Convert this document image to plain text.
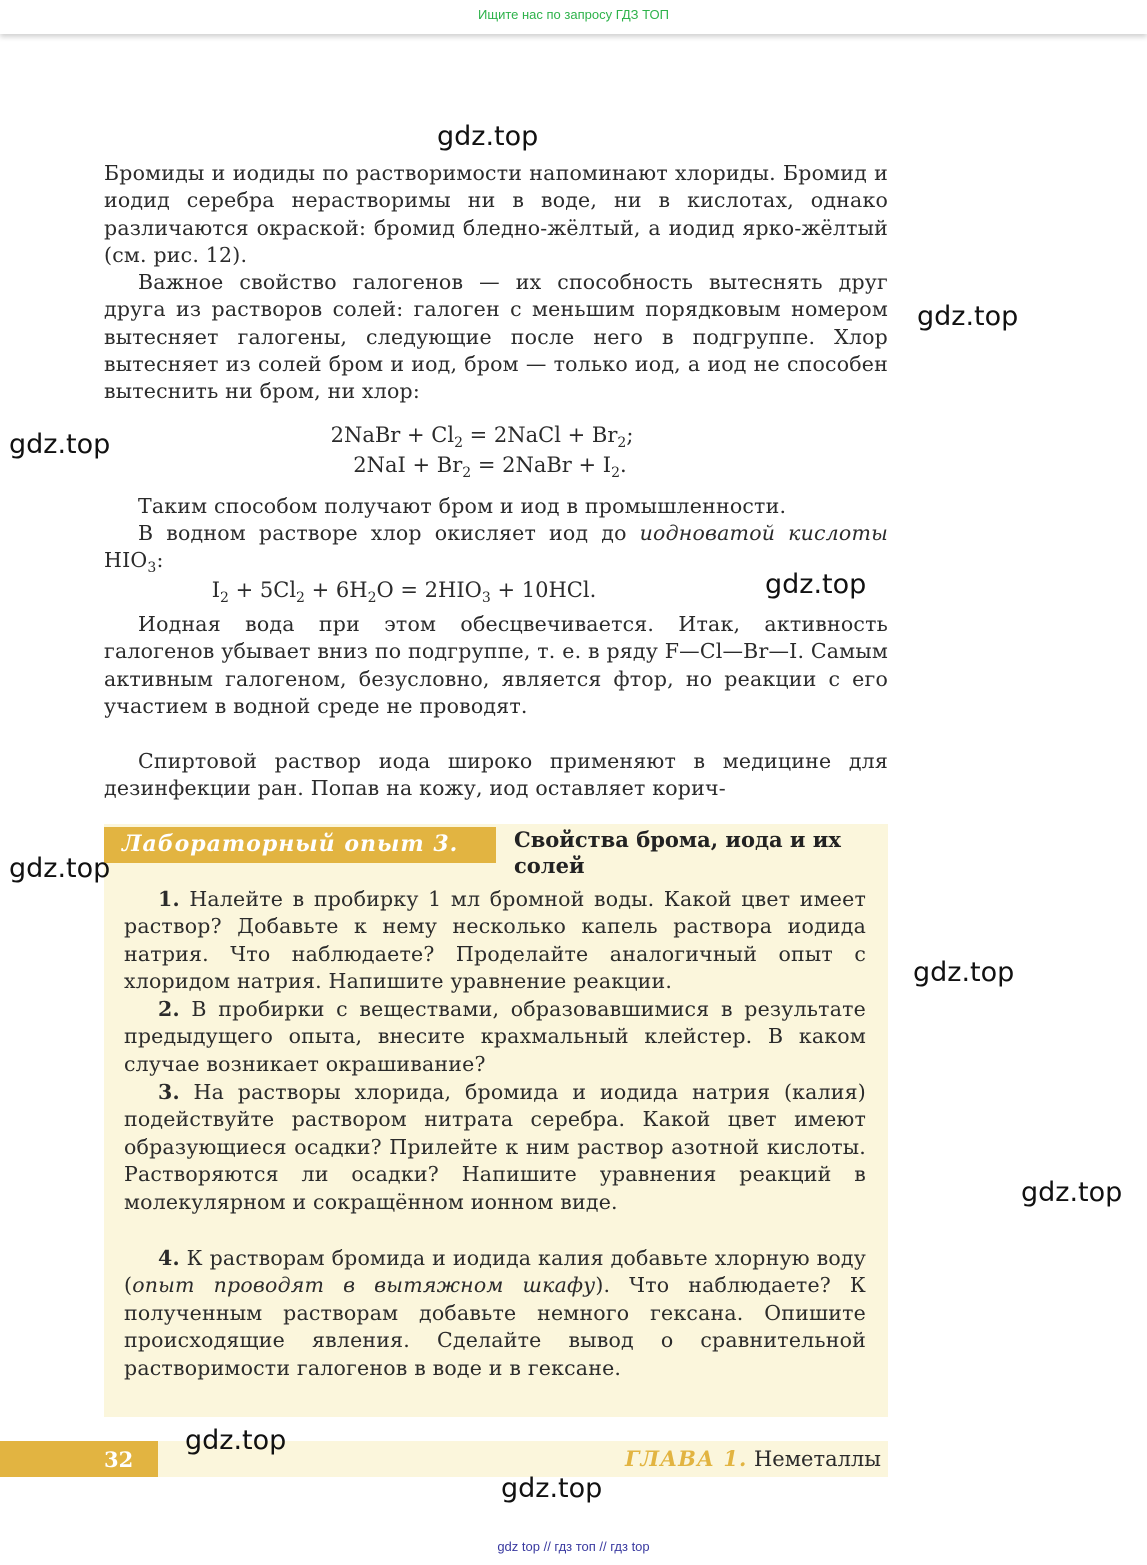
Ищите нас по запросу ГДЗ ТОП

Бромиды и иодиды по растворимости напоминают хлориды. Бромид и иодид серебра нерастворимы ни в воде, ни в кислотах, однако различаются окраской: бромид бледно-жёлтый, а иодид ярко-жёлтый (см. рис. 12).

Важное свойство галогенов — их способность вытеснять друг друга из растворов солей: галоген с меньшим порядковым номером вытесняет галогены, следующие после него в подгруппе. Хлор вытесняет из солей бром и иод, бром — только иод, а иод не способен вытеснить ни бром, ни хлор:

2NaBr + $Cl_2$ = 2NaCl + $Br_2$;
$2NaI + Br_2$ = 2NaBr + $I_2$.

Таким способом получают бром и иод в промышленности.

В водном растворе хлор окисляет иод до иодноватой кислоты $HIO_3$:

$I_2 + 5Cl_2 + 6H_2O = 2HIO_3 + 10HCl$.

Иодная вода при этом обесцвечивается. Итак, активность галогенов убывает вниз по подгруппе, т. е. в ряду F—Cl—Br—I. Самым активным галогеном, безусловно, является фтор, но реакции с его участием в водной среде не проводят.

Спиртовой раствор иода широко применяют в медицине для дезинфекции ран. Попав на кожу, иод оставляет корич-

Лабораторный опыт 3.	Свойства брома, иода и их солей

1. Налейте в пробирку 1 мл бромной воды. Какой цвет имеет раствор? Добавьте к нему несколько капель раствора иодида натрия. Что наблюдаете? Проделайте аналогичный опыт с хлоридом натрия. Напишите уравнение реакции.

2. В пробирки с веществами, образовавшимися в результате предыдущего опыта, внесите крахмальный клейстер. В каком случае возникает окрашивание?

3. На растворы хлорида, бромида и иодида натрия (калия) подействуйте раствором нитрата серебра. Какой цвет имеют образующиеся осадки? Прилейте к ним раствор азотной кислоты. Растворяются ли осадки? Напишите уравнения реакций в молекулярном и сокращённом ионном виде.

4. К растворам бромида и иодида калия добавьте хлорную воду (опыт проводят в вытяжном шкафу). Что наблюдаете? К полученным растворам добавьте немного гексана. Опишите происходящие явления. Сделайте вывод о сравнительной растворимости галогенов в воде и в гексане.

32	ГЛАВА 1. Неметаллы
gdz.top
gdz.top
gdz.top
gdz.top
gdz.top
gdz.top
gdz.top
gdz.top
gdz.top
gdz top // гдз топ // гдз top
